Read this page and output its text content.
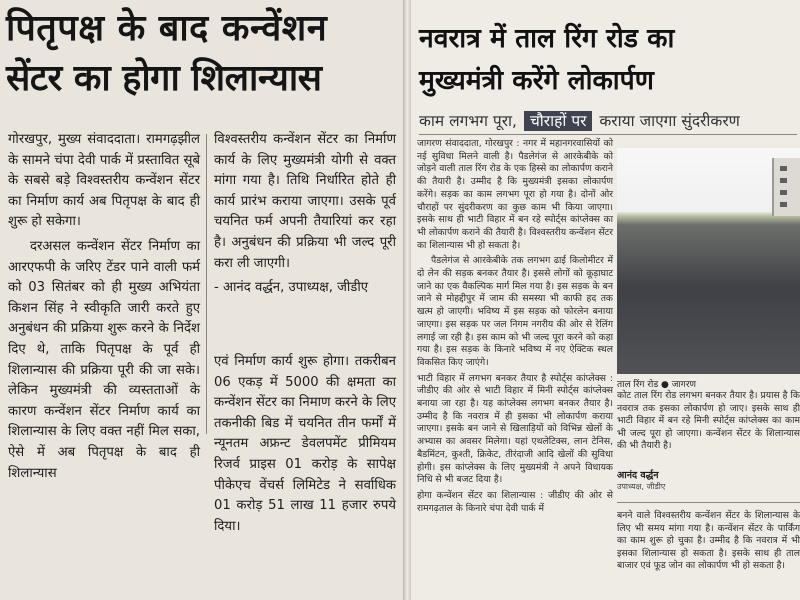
पितृपक्ष के बाद कन्वेंशन
सेंटर का होगा शिलान्यास

गोरखपुर, मुख्य संवाददाता। रामगढ़झील के सामने चंपा देवी पार्क में प्रस्तावित सूबे के सबसे बड़े विश्वस्तरीय कन्वेंशन सेंटर का निर्माण कार्य अब पितृपक्ष के बाद ही शुरू हो सकेगा।

दरअसल कन्वेंशन सेंटर निर्माण का आरएफपी के जरिए टेंडर पाने वाली फर्म को 03 सितंबर को ही मुख्य अभियंता किशन सिंह ने स्वीकृति जारी करते हुए अनुबंधन की प्रक्रिया शुरू करने के निर्देश दिए थे, ताकि पितृपक्ष के पूर्व ही शिलान्यास की प्रक्रिया पूरी की जा सके। लेकिन मुख्यमंत्री की व्यस्तताओं के कारण कन्वेंशन सेंटर निर्माण कार्य का शिलान्यास के लिए वक्त नहीं मिल सका, ऐसे में अब पितृपक्ष के बाद ही शिलान्यास

विश्वस्तरीय कन्वेंशन सेंटर का निर्माण कार्य के लिए मुख्यमंत्री योगी से वक्त मांगा गया है। तिथि निर्धारित होते ही कार्य प्रारंभ कराया जाएगा। उसके पूर्व चयनित फर्म अपनी तैयारियां कर रहा है। अनुबंधन की प्रक्रिया भी जल्द पूरी करा ली जाएगी।

- आनंद वर्द्धन, उपाध्यक्ष, जीडीए

एवं निर्माण कार्य शुरू होगा। तकरीबन 06 एकड़ में 5000 की क्षमता का कन्वेंशन सेंटर का निमाण करने के लिए तकनीकी बिड में चयनित तीन फर्मों में न्यूनतम अफ्रन्ट डेवलपमेंट प्रीमियम रिजर्व प्राइस 01 करोड़ के सापेक्ष पीकेएच वेंचर्स लिमिटेड ने सर्वाधिक 01 करोड़ 51 लाख 11 हजार रुपये दिया।

नवरात्र में ताल रिंग रोड का
मुख्यमंत्री करेंगे लोकार्पण
काम लगभग पूरा, चौराहों पर कराया जाएगा सुंदरीकरण

जागरण संवाददाता, गोरखपुर : नगर में महानगरवासियों को नई सुविधा मिलने वाली है। पैडलेगंज से आरकेबीके को जोड़ने वाली ताल रिंग रोड के एक हिस्से का लोकार्पण कराने की तैयारी है। उम्मीद है कि मुख्यमंत्री इसका लोकार्पण करेंगे। सड़क का काम लगभग पूरा हो गया है। दोनों ओर चौराहों पर सुंदरीकरण का कुछ काम भी किया जाएगा। इसके साथ ही भाटी विहार में बन रहे स्पोर्ट्स कांप्लेक्स का भी लोकार्पण कराने की तैयारी है। विश्वस्तरीय कन्वेंशन सेंटर का शिलान्यास भी हो सकता है।

पैडलेगंज से आरकेबीके तक लगभग ढाई किलोमीटर में दो लेन की सड़क बनकर तैयार है। इससे लोगों को कूड़ाघाट जाने का एक वैकल्पिक मार्ग मिल गया है। इस सड़क के बन जाने से मोहद्दीपुर में जाम की समस्या भी काफी हद तक खत्म हो जाएगी। भविष्य में इस सड़क को फोरलेन बनाया जाएगा। इस सड़क पर जल निगम नगरीय की ओर से रेलिंग लगाई जा रही है। इस काम को भी जल्द पूरा करने को कहा गया है। इस सड़क के किनारे भविष्य में नए ऐक्टिक स्थल विकसित किए जाएंगे।

भाटी विहार में लगभग बनकर तैयार है स्पोर्ट्स कांप्लेक्स : जीडीए की ओर से भाटी विहार में मिनी स्पोर्ट्स कांप्लेक्स बनाया जा रहा है। यह कांप्लेक्स लगभग बनकर तैयार है। उम्मीद है कि नवरात्र में ही इसका भी लोकार्पण कराया जाएगा। इसके बन जाने से खिलाड़ियों को विभिन्न खेलों के अभ्यास का अवसर मिलेगा। यहां एथलेटिक्स, लान टेनिस, बैडमिंटन, कुश्ती, क्रिकेट, तीरंदाजी आदि खेलों की सुविधा होगी। इस कांप्लेक्स के लिए मुख्यमंत्री ने अपने विधायक निधि से भी बजट दिया है।

होगा कन्वेंशन सेंटर का शिलान्यास : जीडीए की ओर से रामगढ़ताल के किनारे चंपा देवी पार्क में

ताल रिंग रोड ● जागरण
कोट ताल रिंग रोड लगभग बनकर तैयार है। प्रयास है कि नवरात्र तक इसका लोकार्पण हो जाए। इसके साथ ही भाटी विहार में बन रहे मिनी स्पोर्ट्स कांप्लेक्स का काम भी जल्द पूरा हो जाएगा। कन्वेंशन सेंटर के शिलान्यास की भी तैयारी है।
आनंद वर्द्धन
उपाध्यक्ष, जीडीए
बनने वाले विश्वस्तरीय कन्वेंशन सेंटर के शिलान्यास के लिए भी समय मांगा गया है। कन्वेंशन सेंटर के पार्किंग का काम शुरू हो चुका है। उम्मीद है कि नवरात्र में भी इसका शिलान्यास हो सकता है। इसके साथ ही ताल बाजार एवं फूड जोन का लोकार्पण भी हो सकता है।
